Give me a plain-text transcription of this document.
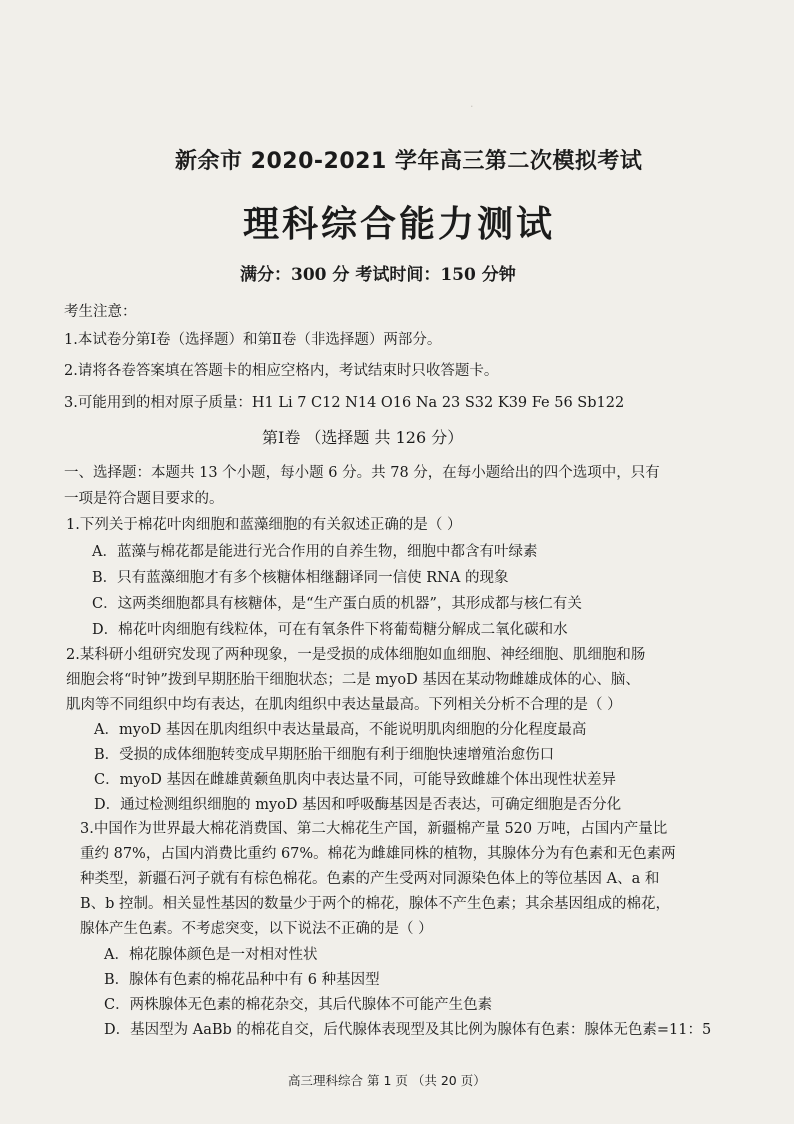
·
新余市 2020-2021 学年高三第二次模拟考试
理科综合能力测试
满分：300 分 考试时间：150 分钟
考生注意：
1.本试卷分第Ⅰ卷（选择题）和第Ⅱ卷（非选择题）两部分。
2.请将各卷答案填在答题卡的相应空格内，考试结束时只收答题卡。
3.可能用到的相对原子质量：H1 Li 7 C12 N14 O16 Na 23 S32 K39 Fe 56 Sb122
第Ⅰ卷 （选择题 共 126 分）
一、选择题：本题共 13 个小题，每小题 6 分。共 78 分，在每小题给出的四个选项中，只有
一项是符合题目要求的。
1.下列关于棉花叶肉细胞和蓝藻细胞的有关叙述正确的是（ ）
A．蓝藻与棉花都是能进行光合作用的自养生物，细胞中都含有叶绿素
B．只有蓝藻细胞才有多个核糖体相继翻译同一信使 RNA 的现象
C．这两类细胞都具有核糖体，是“生产蛋白质的机器”，其形成都与核仁有关
D．棉花叶肉细胞有线粒体，可在有氧条件下将葡萄糖分解成二氧化碳和水
2.某科研小组研究发现了两种现象，一是受损的成体细胞如血细胞、神经细胞、肌细胞和肠
细胞会将“时钟”拨到早期胚胎干细胞状态；二是 myoD 基因在某动物雌雄成体的心、脑、
肌肉等不同组织中均有表达，在肌肉组织中表达量最高。下列相关分析不合理的是（ ）
A．myoD 基因在肌肉组织中表达量最高，不能说明肌肉细胞的分化程度最高
B．受损的成体细胞转变成早期胚胎干细胞有利于细胞快速增殖治愈伤口
C．myoD 基因在雌雄黄颡鱼肌肉中表达量不同，可能导致雌雄个体出现性状差异
D．通过检测组织细胞的 myoD 基因和呼吸酶基因是否表达，可确定细胞是否分化
3.中国作为世界最大棉花消费国、第二大棉花生产国，新疆棉产量 520 万吨，占国内产量比
重约 87%，占国内消费比重约 67%。棉花为雌雄同株的植物，其腺体分为有色素和无色素两
种类型，新疆石河子就有有棕色棉花。色素的产生受两对同源染色体上的等位基因 A、a 和
B、b 控制。相关显性基因的数量少于两个的棉花，腺体不产生色素；其余基因组成的棉花，
腺体产生色素。不考虑突变，以下说法不正确的是（ ）
A．棉花腺体颜色是一对相对性状
B．腺体有色素的棉花品种中有 6 种基因型
C．两株腺体无色素的棉花杂交，其后代腺体不可能产生色素
D．基因型为 AaBb 的棉花自交，后代腺体表现型及其比例为腺体有色素：腺体无色素=11：5
高三理科综合 第 1 页 （共 20 页）
